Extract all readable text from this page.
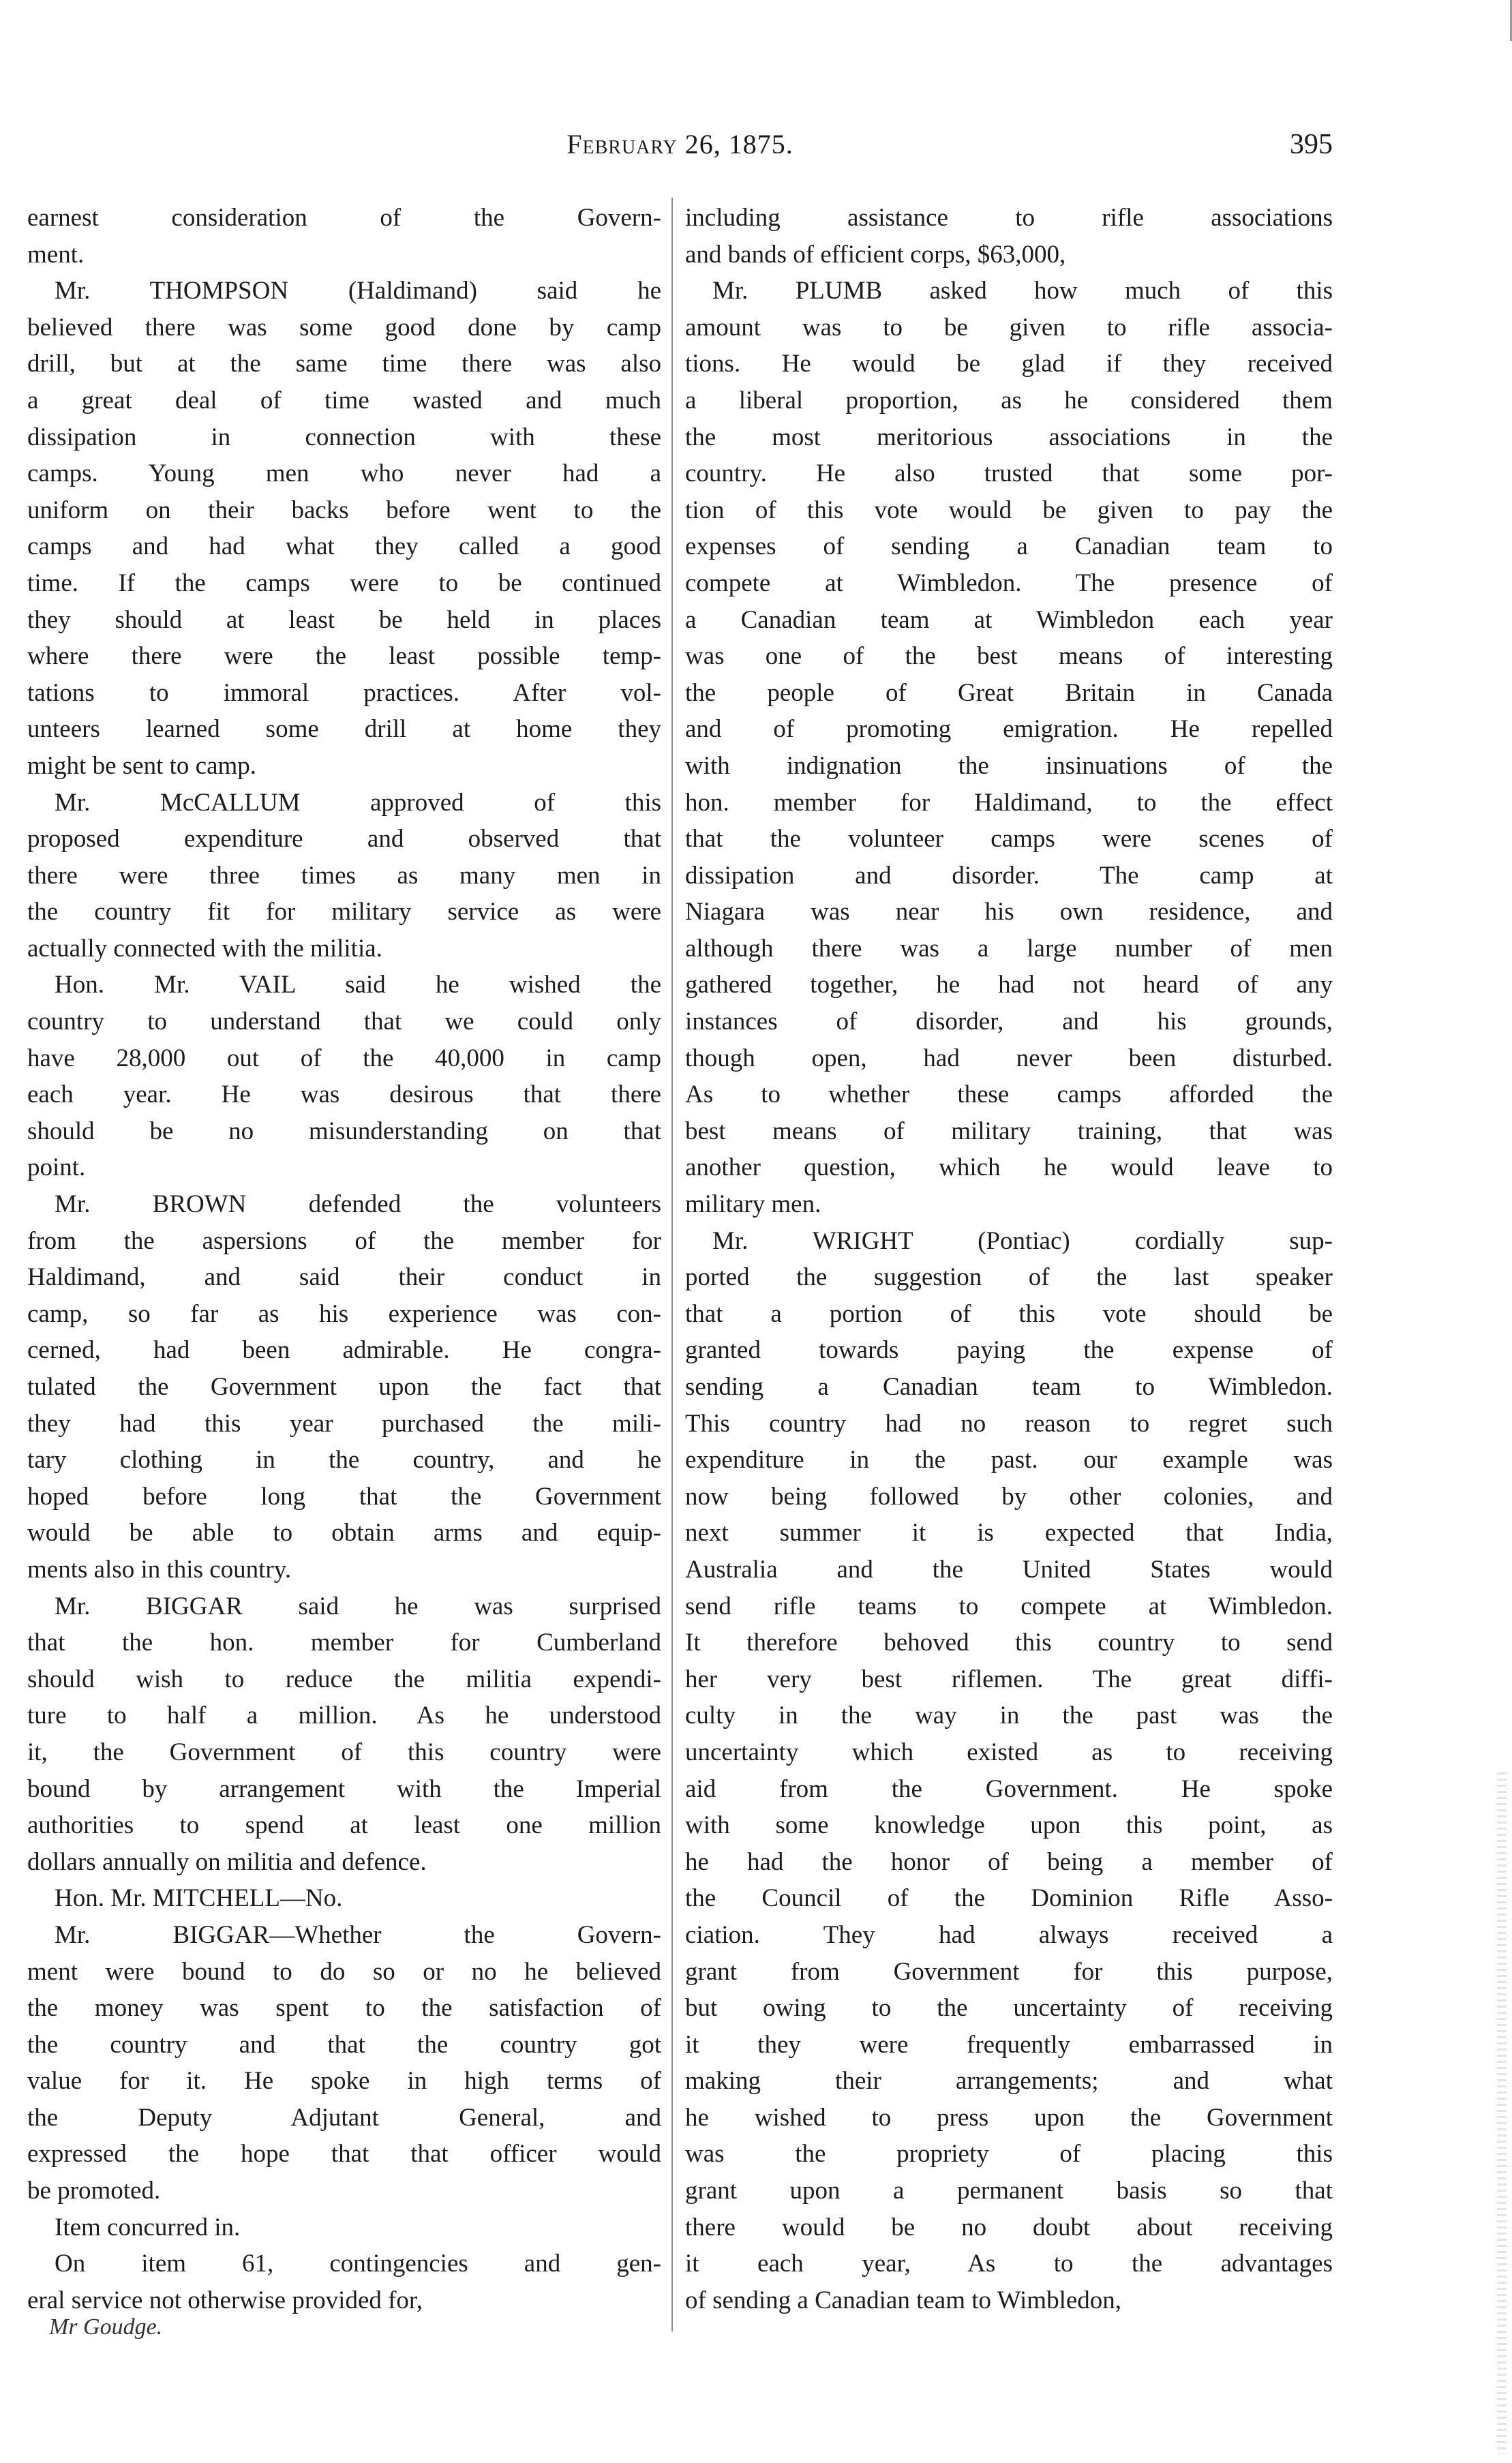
February 26, 1875.	395

earnest consideration of the Govern-
ment.

Mr. THOMPSON (Haldimand) said he
believed there was some good done by camp
drill, but at the same time there was also
a great deal of time wasted and much
dissipation in connection with these
camps. Young men who never had a
uniform on their backs before went to the
camps and had what they called a good
time. If the camps were to be continued
they should at least be held in places
where there were the least possible temp-
tations to immoral practices. After vol-
unteers learned some drill at home they
might be sent to camp.

Mr. McCALLUM approved of this
proposed expenditure and observed that
there were three times as many men in
the country fit for military service as were
actually connected with the militia.

Hon. Mr. VAIL said he wished the
country to understand that we could only
have 28,000 out of the 40,000 in camp
each year. He was desirous that there
should be no misunderstanding on that
point.

Mr. BROWN defended the volunteers
from the aspersions of the member for
Haldimand, and said their conduct in
camp, so far as his experience was con-
cerned, had been admirable. He congra-
tulated the Government upon the fact that
they had this year purchased the mili-
tary clothing in the country, and he
hoped before long that the Government
would be able to obtain arms and equip-
ments also in this country.

Mr. BIGGAR said he was surprised
that the hon. member for Cumberland
should wish to reduce the militia expendi-
ture to half a million. As he understood
it, the Government of this country were
bound by arrangement with the Imperial
authorities to spend at least one million
dollars annually on militia and defence.

Hon. Mr. MITCHELL—No.

Mr. BIGGAR—Whether the Govern-
ment were bound to do so or no he believed
the money was spent to the satisfaction of
the country and that the country got
value for it. He spoke in high terms of
the Deputy Adjutant General, and
expressed the hope that that officer would
be promoted.

Item concurred in.

On item 61, contingencies and gen-
eral service not otherwise provided for,

including assistance to rifle associations
and bands of efficient corps, $63,000,

Mr. PLUMB asked how much of this
amount was to be given to rifle associa-
tions. He would be glad if they received
a liberal proportion, as he considered them
the most meritorious associations in the
country. He also trusted that some por-
tion of this vote would be given to pay the
expenses of sending a Canadian team to
compete at Wimbledon. The presence of
a Canadian team at Wimbledon each year
was one of the best means of interesting
the people of Great Britain in Canada
and of promoting emigration. He repelled
with indignation the insinuations of the
hon. member for Haldimand, to the effect
that the volunteer camps were scenes of
dissipation and disorder. The camp at
Niagara was near his own residence, and
although there was a large number of men
gathered together, he had not heard of any
instances of disorder, and his grounds,
though open, had never been disturbed.
As to whether these camps afforded the
best means of military training, that was
another question, which he would leave to
military men.

Mr. WRIGHT (Pontiac) cordially sup-
ported the suggestion of the last speaker
that a portion of this vote should be
granted towards paying the expense of
sending a Canadian team to Wimbledon.
This country had no reason to regret such
expenditure in the past. our example was
now being followed by other colonies, and
next summer it is expected that India,
Australia and the United States would
send rifle teams to compete at Wimbledon.
It therefore behoved this country to send
her very best riflemen. The great diffi-
culty in the way in the past was the
uncertainty which existed as to receiving
aid from the Government. He spoke
with some knowledge upon this point, as
he had the honor of being a member of
the Council of the Dominion Rifle Asso-
ciation. They had always received a
grant from Government for this purpose,
but owing to the uncertainty of receiving
it they were frequently embarrassed in
making their arrangements; and what
he wished to press upon the Government
was the propriety of placing this
grant upon a permanent basis so that
there would be no doubt about receiving
it each year, As to the advantages
of sending a Canadian team to Wimbledon,

Mr Goudge.
